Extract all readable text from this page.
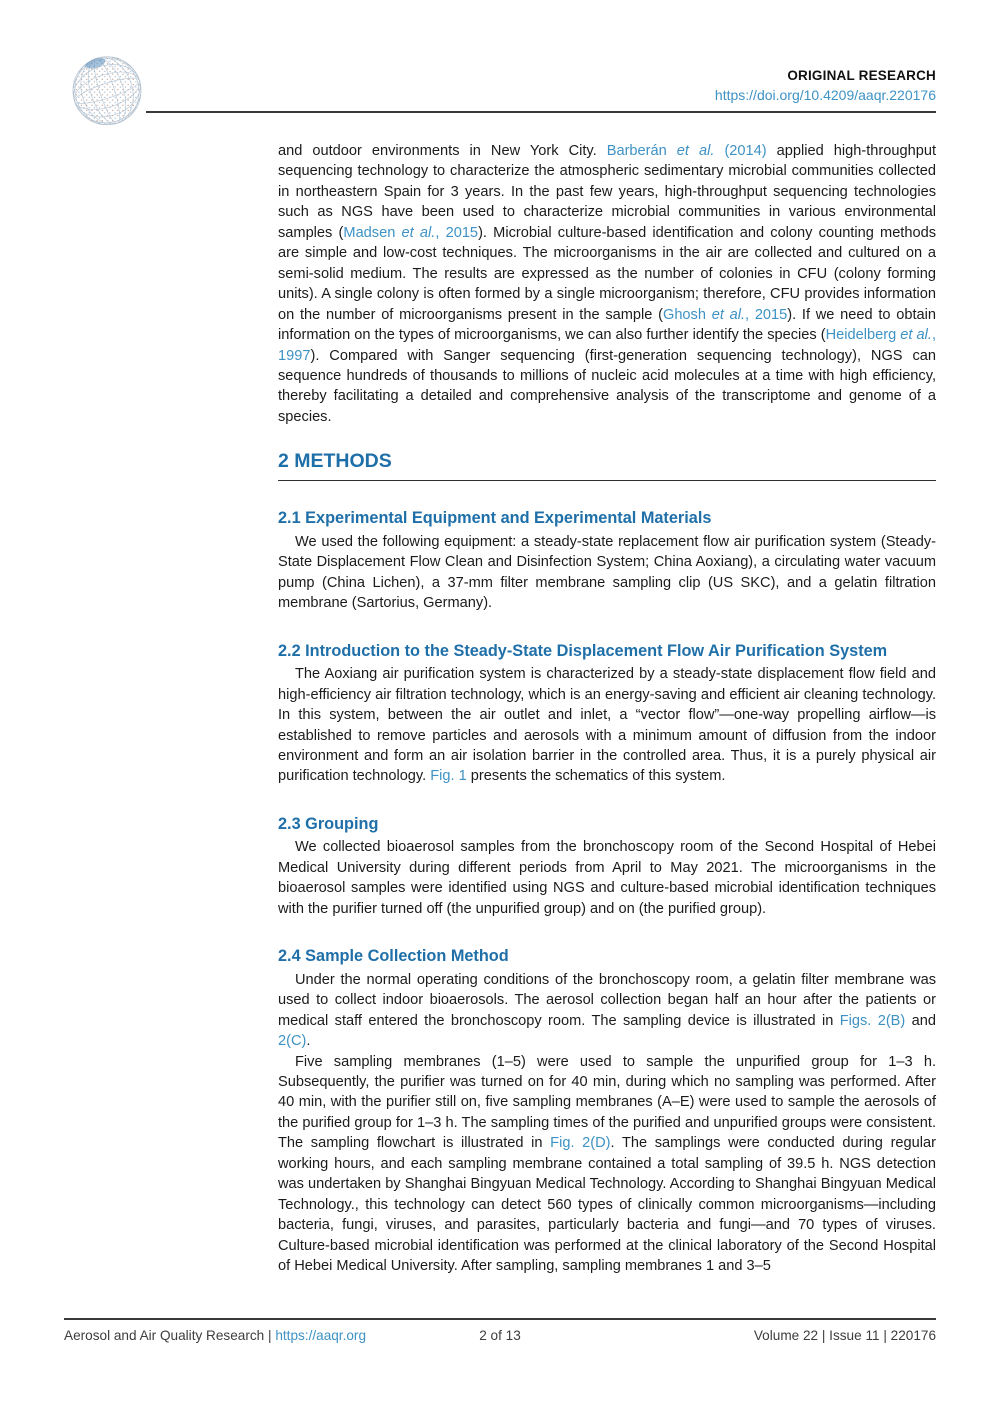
ORIGINAL RESEARCH
https://doi.org/10.4209/aaqr.220176

and outdoor environments in New York City. Barberán et al. (2014) applied high-throughput sequencing technology to characterize the atmospheric sedimentary microbial communities collected in northeastern Spain for 3 years. In the past few years, high-throughput sequencing technologies such as NGS have been used to characterize microbial communities in various environmental samples (Madsen et al., 2015). Microbial culture-based identification and colony counting methods are simple and low-cost techniques. The microorganisms in the air are collected and cultured on a semi-solid medium. The results are expressed as the number of colonies in CFU (colony forming units). A single colony is often formed by a single microorganism; therefore, CFU provides information on the number of microorganisms present in the sample (Ghosh et al., 2015). If we need to obtain information on the types of microorganisms, we can also further identify the species (Heidelberg et al., 1997). Compared with Sanger sequencing (first-generation sequencing technology), NGS can sequence hundreds of thousands to millions of nucleic acid molecules at a time with high efficiency, thereby facilitating a detailed and comprehensive analysis of the transcriptome and genome of a species.

2 METHODS
2.1 Experimental Equipment and Experimental Materials

We used the following equipment: a steady-state replacement flow air purification system (Steady-State Displacement Flow Clean and Disinfection System; China Aoxiang), a circulating water vacuum pump (China Lichen), a 37-mm filter membrane sampling clip (US SKC), and a gelatin filtration membrane (Sartorius, Germany).

2.2 Introduction to the Steady-State Displacement Flow Air Purification System

The Aoxiang air purification system is characterized by a steady-state displacement flow field and high-efficiency air filtration technology, which is an energy-saving and efficient air cleaning technology. In this system, between the air outlet and inlet, a “vector flow”—one-way propelling airflow—is established to remove particles and aerosols with a minimum amount of diffusion from the indoor environment and form an air isolation barrier in the controlled area. Thus, it is a purely physical air purification technology. Fig. 1 presents the schematics of this system.

2.3 Grouping

We collected bioaerosol samples from the bronchoscopy room of the Second Hospital of Hebei Medical University during different periods from April to May 2021. The microorganisms in the bioaerosol samples were identified using NGS and culture-based microbial identification techniques with the purifier turned off (the unpurified group) and on (the purified group).

2.4 Sample Collection Method

Under the normal operating conditions of the bronchoscopy room, a gelatin filter membrane was used to collect indoor bioaerosols. The aerosol collection began half an hour after the patients or medical staff entered the bronchoscopy room. The sampling device is illustrated in Figs. 2(B) and 2(C).

Five sampling membranes (1–5) were used to sample the unpurified group for 1–3 h. Subsequently, the purifier was turned on for 40 min, during which no sampling was performed. After 40 min, with the purifier still on, five sampling membranes (A–E) were used to sample the aerosols of the purified group for 1–3 h. The sampling times of the purified and unpurified groups were consistent. The sampling flowchart is illustrated in Fig. 2(D). The samplings were conducted during regular working hours, and each sampling membrane contained a total sampling of 39.5 h. NGS detection was undertaken by Shanghai Bingyuan Medical Technology. According to Shanghai Bingyuan Medical Technology., this technology can detect 560 types of clinically common microorganisms—including bacteria, fungi, viruses, and parasites, particularly bacteria and fungi—and 70 types of viruses. Culture-based microbial identification was performed at the clinical laboratory of the Second Hospital of Hebei Medical University. After sampling, sampling membranes 1 and 3–5

Aerosol and Air Quality Research | https://aaqr.org	2 of 13	Volume 22 | Issue 11 | 220176
